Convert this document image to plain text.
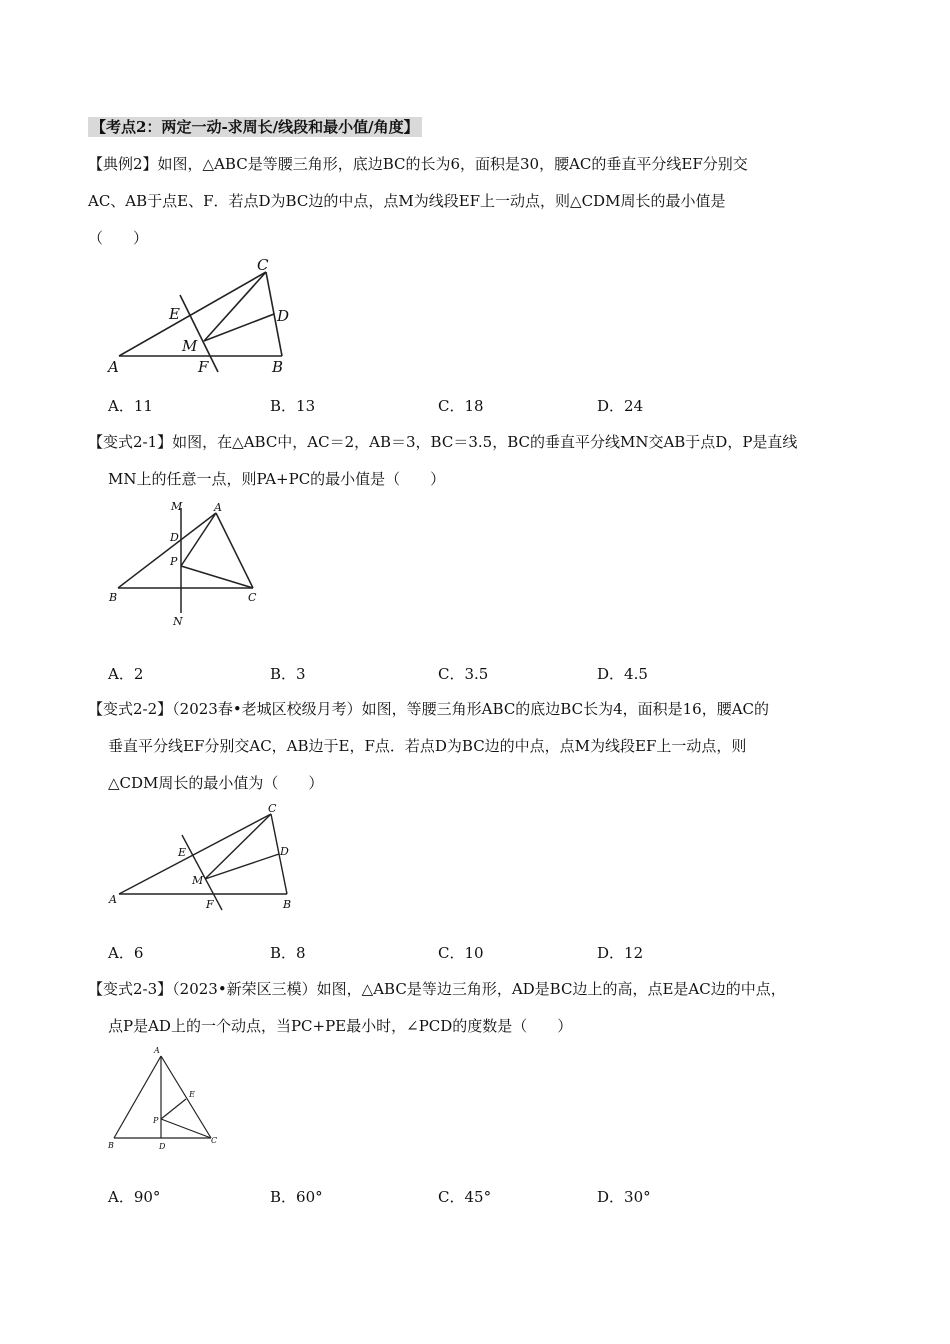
【考点2：两定一动-求周长/线段和最小值/角度】
【典例2】如图，△ABC是等腰三角形，底边BC的长为6，面积是30，腰AC的垂直平分线EF分别交
AC、AB于点E、F．若点D为BC边的中点，点M为线段EF上一动点，则△CDM周长的最小值是
（　　）
A	B
C
D
E
F
M
A．11	B．13	C．18	D．24
【变式2-1】如图，在△ABC中，AC＝2，AB＝3，BC＝3.5，BC的垂直平分线MN交AB于点D，P是直线
MN上的任意一点，则PA+PC的最小值是（　　）
M	A
D
P
B	C
N
A．2	B．3	C．3.5	D．4.5
【变式2-2】（2023春•老城区校级月考）如图，等腰三角形ABC的底边BC长为4，面积是16，腰AC的
垂直平分线EF分别交AC，AB边于E，F点．若点D为BC边的中点，点M为线段EF上一动点，则
△CDM周长的最小值为（　　）
C
E	D
M
A	F	B
A．6	B．8	C．10	D．12
【变式2-3】（2023•新荣区三模）如图，△ABC是等边三角形，AD是BC边上的高，点E是AC边的中点，
点P是AD上的一个动点，当PC+PE最小时，∠PCD的度数是（　　）
A
E
P
B	D
C
A．90°	B．60°	C．45°	D．30°
